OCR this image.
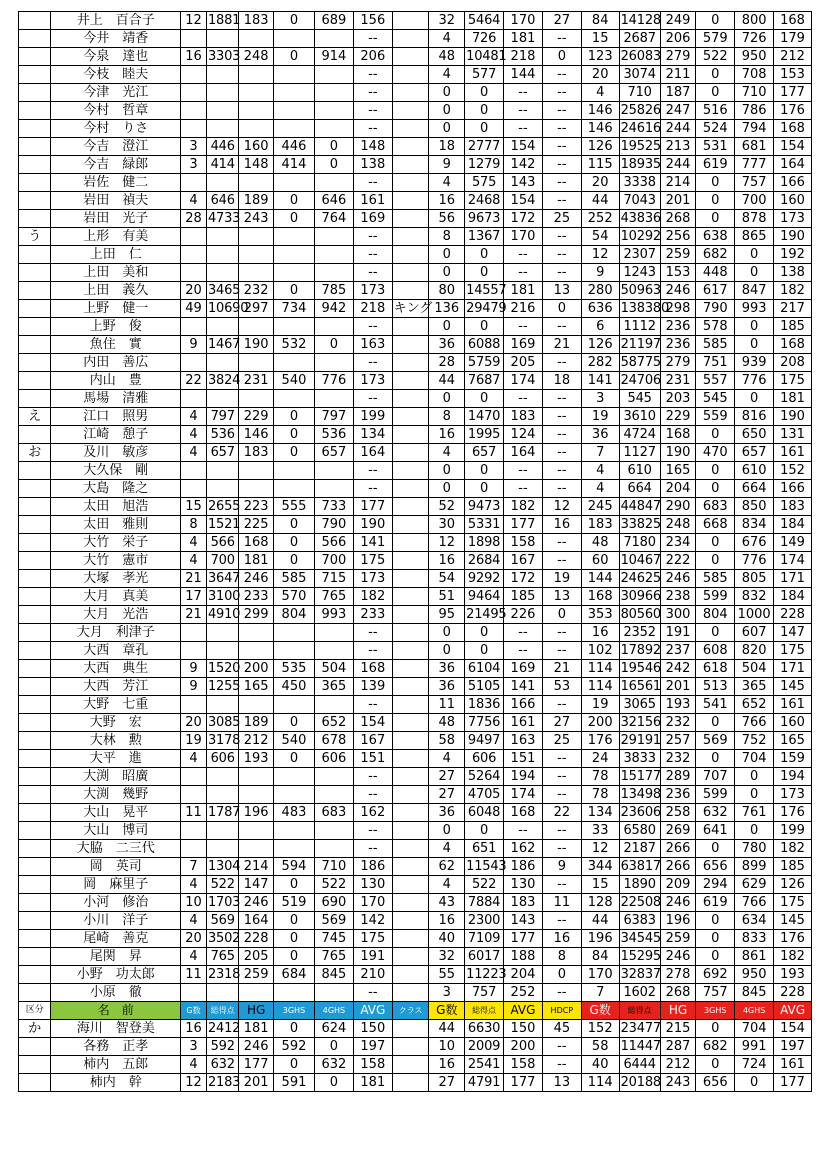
	井上　百合子	12	1881	183	0	689	156		32	5464	170	27	84	14128	249	0	800	168
	今井　靖香						--		4	726	181	--	15	2687	206	579	726	179
	今泉　達也	16	3303	248	0	914	206		48	10481	218	0	123	26083	279	522	950	212
	今枝　睦夫						--		4	577	144	--	20	3074	211	0	708	153
	今津　光江						--		0	0	--	--	4	710	187	0	710	177
	今村　哲章						--		0	0	--	--	146	25826	247	516	786	176
	今村　りさ						--		0	0	--	--	146	24616	244	524	794	168
	今吉　澄江	3	446	160	446	0	148		18	2777	154	--	126	19525	213	531	681	154
	今吉　緑郎	3	414	148	414	0	138		9	1279	142	--	115	18935	244	619	777	164
	岩佐　健二						--		4	575	143	--	20	3338	214	0	757	166
	岩田　禎夫	4	646	189	0	646	161		16	2468	154	--	44	7043	201	0	700	160
	岩田　光子	28	4733	243	0	764	169		56	9673	172	25	252	43836	268	0	878	173
う	上形　有美						--		8	1367	170	--	54	10292	256	638	865	190
	上田　仁						--		0	0	--	--	12	2307	259	682	0	192
	上田　美和						--		0	0	--	--	9	1243	153	448	0	138
	上田　義久	20	3465	232	0	785	173		80	14557	181	13	280	50963	246	617	847	182
	上野　健一	49	10690	297	734	942	218	キング	136	29479	216	0	636	138380	298	790	993	217
	上野　俊						--		0	0	--	--	6	1112	236	578	0	185
	魚住　實	9	1467	190	532	0	163		36	6088	169	21	126	21197	236	585	0	168
	内田　善広						--		28	5759	205	--	282	58775	279	751	939	208
	内山　豊	22	3824	231	540	776	173		44	7687	174	18	141	24706	231	557	776	175
	馬場　清雅						--		0	0	--	--	3	545	203	545	0	181
え	江口　照男	4	797	229	0	797	199		8	1470	183	--	19	3610	229	559	816	190
	江崎　憩子	4	536	146	0	536	134		16	1995	124	--	36	4724	168	0	650	131
お	及川　敏彦	4	657	183	0	657	164		4	657	164	--	7	1127	190	470	657	161
	大久保　剛						--		0	0	--	--	4	610	165	0	610	152
	大島　隆之						--		0	0	--	--	4	664	204	0	664	166
	太田　旭浩	15	2655	223	555	733	177		52	9473	182	12	245	44847	290	683	850	183
	太田　雅則	8	1521	225	0	790	190		30	5331	177	16	183	33825	248	668	834	184
	大竹　栄子	4	566	168	0	566	141		12	1898	158	--	48	7180	234	0	676	149
	大竹　憲市	4	700	181	0	700	175		16	2684	167	--	60	10467	222	0	776	174
	大塚　孝光	21	3647	246	585	715	173		54	9292	172	19	144	24625	246	585	805	171
	大月　真美	17	3100	233	570	765	182		51	9464	185	13	168	30966	238	599	832	184
	大月　光浩	21	4910	299	804	993	233		95	21495	226	0	353	80560	300	804	1000	228
	大月　利津子						--		0	0	--	--	16	2352	191	0	607	147
	大西　章孔						--		0	0	--	--	102	17892	237	608	820	175
	大西　典生	9	1520	200	535	504	168		36	6104	169	21	114	19546	242	618	504	171
	大西　芳江	9	1255	165	450	365	139		36	5105	141	53	114	16561	201	513	365	145
	大野　七重						--		11	1836	166	--	19	3065	193	541	652	161
	大野　宏	20	3085	189	0	652	154		48	7756	161	27	200	32156	232	0	766	160
	大林　勲	19	3178	212	540	678	167		58	9497	163	25	176	29191	257	569	752	165
	大平　進	4	606	193	0	606	151		4	606	151	--	24	3833	232	0	704	159
	大渕　昭廣						--		27	5264	194	--	78	15177	289	707	0	194
	大渕　幾野						--		27	4705	174	--	78	13498	236	599	0	173
	大山　晃平	11	1787	196	483	683	162		36	6048	168	22	134	23606	258	632	761	176
	大山　博司						--		0	0	--	--	33	6580	269	641	0	199
	大脇　二三代						--		4	651	162	--	12	2187	266	0	780	182
	岡　英司	7	1304	214	594	710	186		62	11543	186	9	344	63817	266	656	899	185
	岡　麻里子	4	522	147	0	522	130		4	522	130	--	15	1890	209	294	629	126
	小河　修治	10	1703	246	519	690	170		43	7884	183	11	128	22508	246	619	766	175
	小川　洋子	4	569	164	0	569	142		16	2300	143	--	44	6383	196	0	634	145
	尾崎　善克	20	3502	228	0	745	175		40	7109	177	16	196	34545	259	0	833	176
	尾関　昇	4	765	205	0	765	191		32	6017	188	8	84	15295	246	0	861	182
	小野　功太郎	11	2318	259	684	845	210		55	11223	204	0	170	32837	278	692	950	193
	小原　徹						--		3	757	252	--	7	1602	268	757	845	228
区分	名　前	G数	総得点	HG	3GHS	4GHS	AVG	クラス	G数	総得点	AVG	HDCP	G数	総得点	HG	3GHS	4GHS	AVG
か	海川　智登美	16	2412	181	0	624	150		44	6630	150	45	152	23477	215	0	704	154
	各務　正孝	3	592	246	592	0	197		10	2009	200	--	58	11447	287	682	991	197
	柿内　五郎	4	632	177	0	632	158		16	2541	158	--	40	6444	212	0	724	161
	柿内　幹	12	2183	201	591	0	181		27	4791	177	13	114	20188	243	656	0	177
